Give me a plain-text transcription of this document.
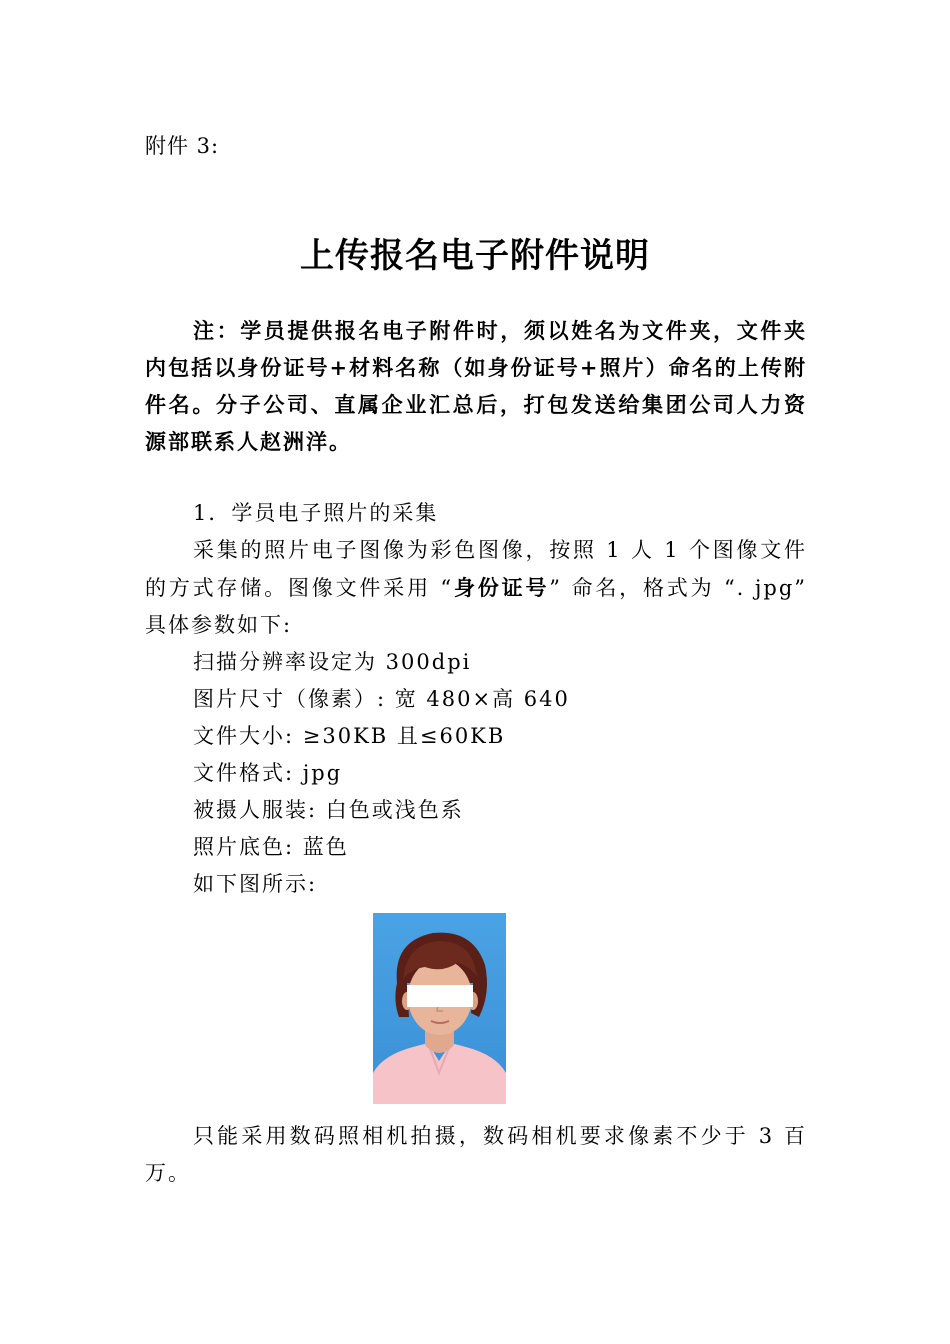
附件 3:
上传报名电子附件说明
注：学员提供报名电子附件时，须以姓名为文件夹，文件夹内包括以身份证号+材料名称（如身份证号+照片）命名的上传附件名。分子公司、直属企业汇总后，打包发送给集团公司人力资源部联系人赵洲洋。

1．学员电子照片的采集

采集的照片电子图像为彩色图像，按照 1 人 1 个图像文件的方式存储。图像文件采用 “身份证号” 命名，格式为 “. jpg” 具体参数如下:

扫描分辨率设定为 300dpi

图片尺寸（像素）: 宽 480×高 640

文件大小: ≥30KB 且≤60KB

文件格式: jpg

被摄人服装: 白色或浅色系

照片底色: 蓝色

如下图所示:

只能采用数码照相机拍摄，数码相机要求像素不少于 3 百万。
